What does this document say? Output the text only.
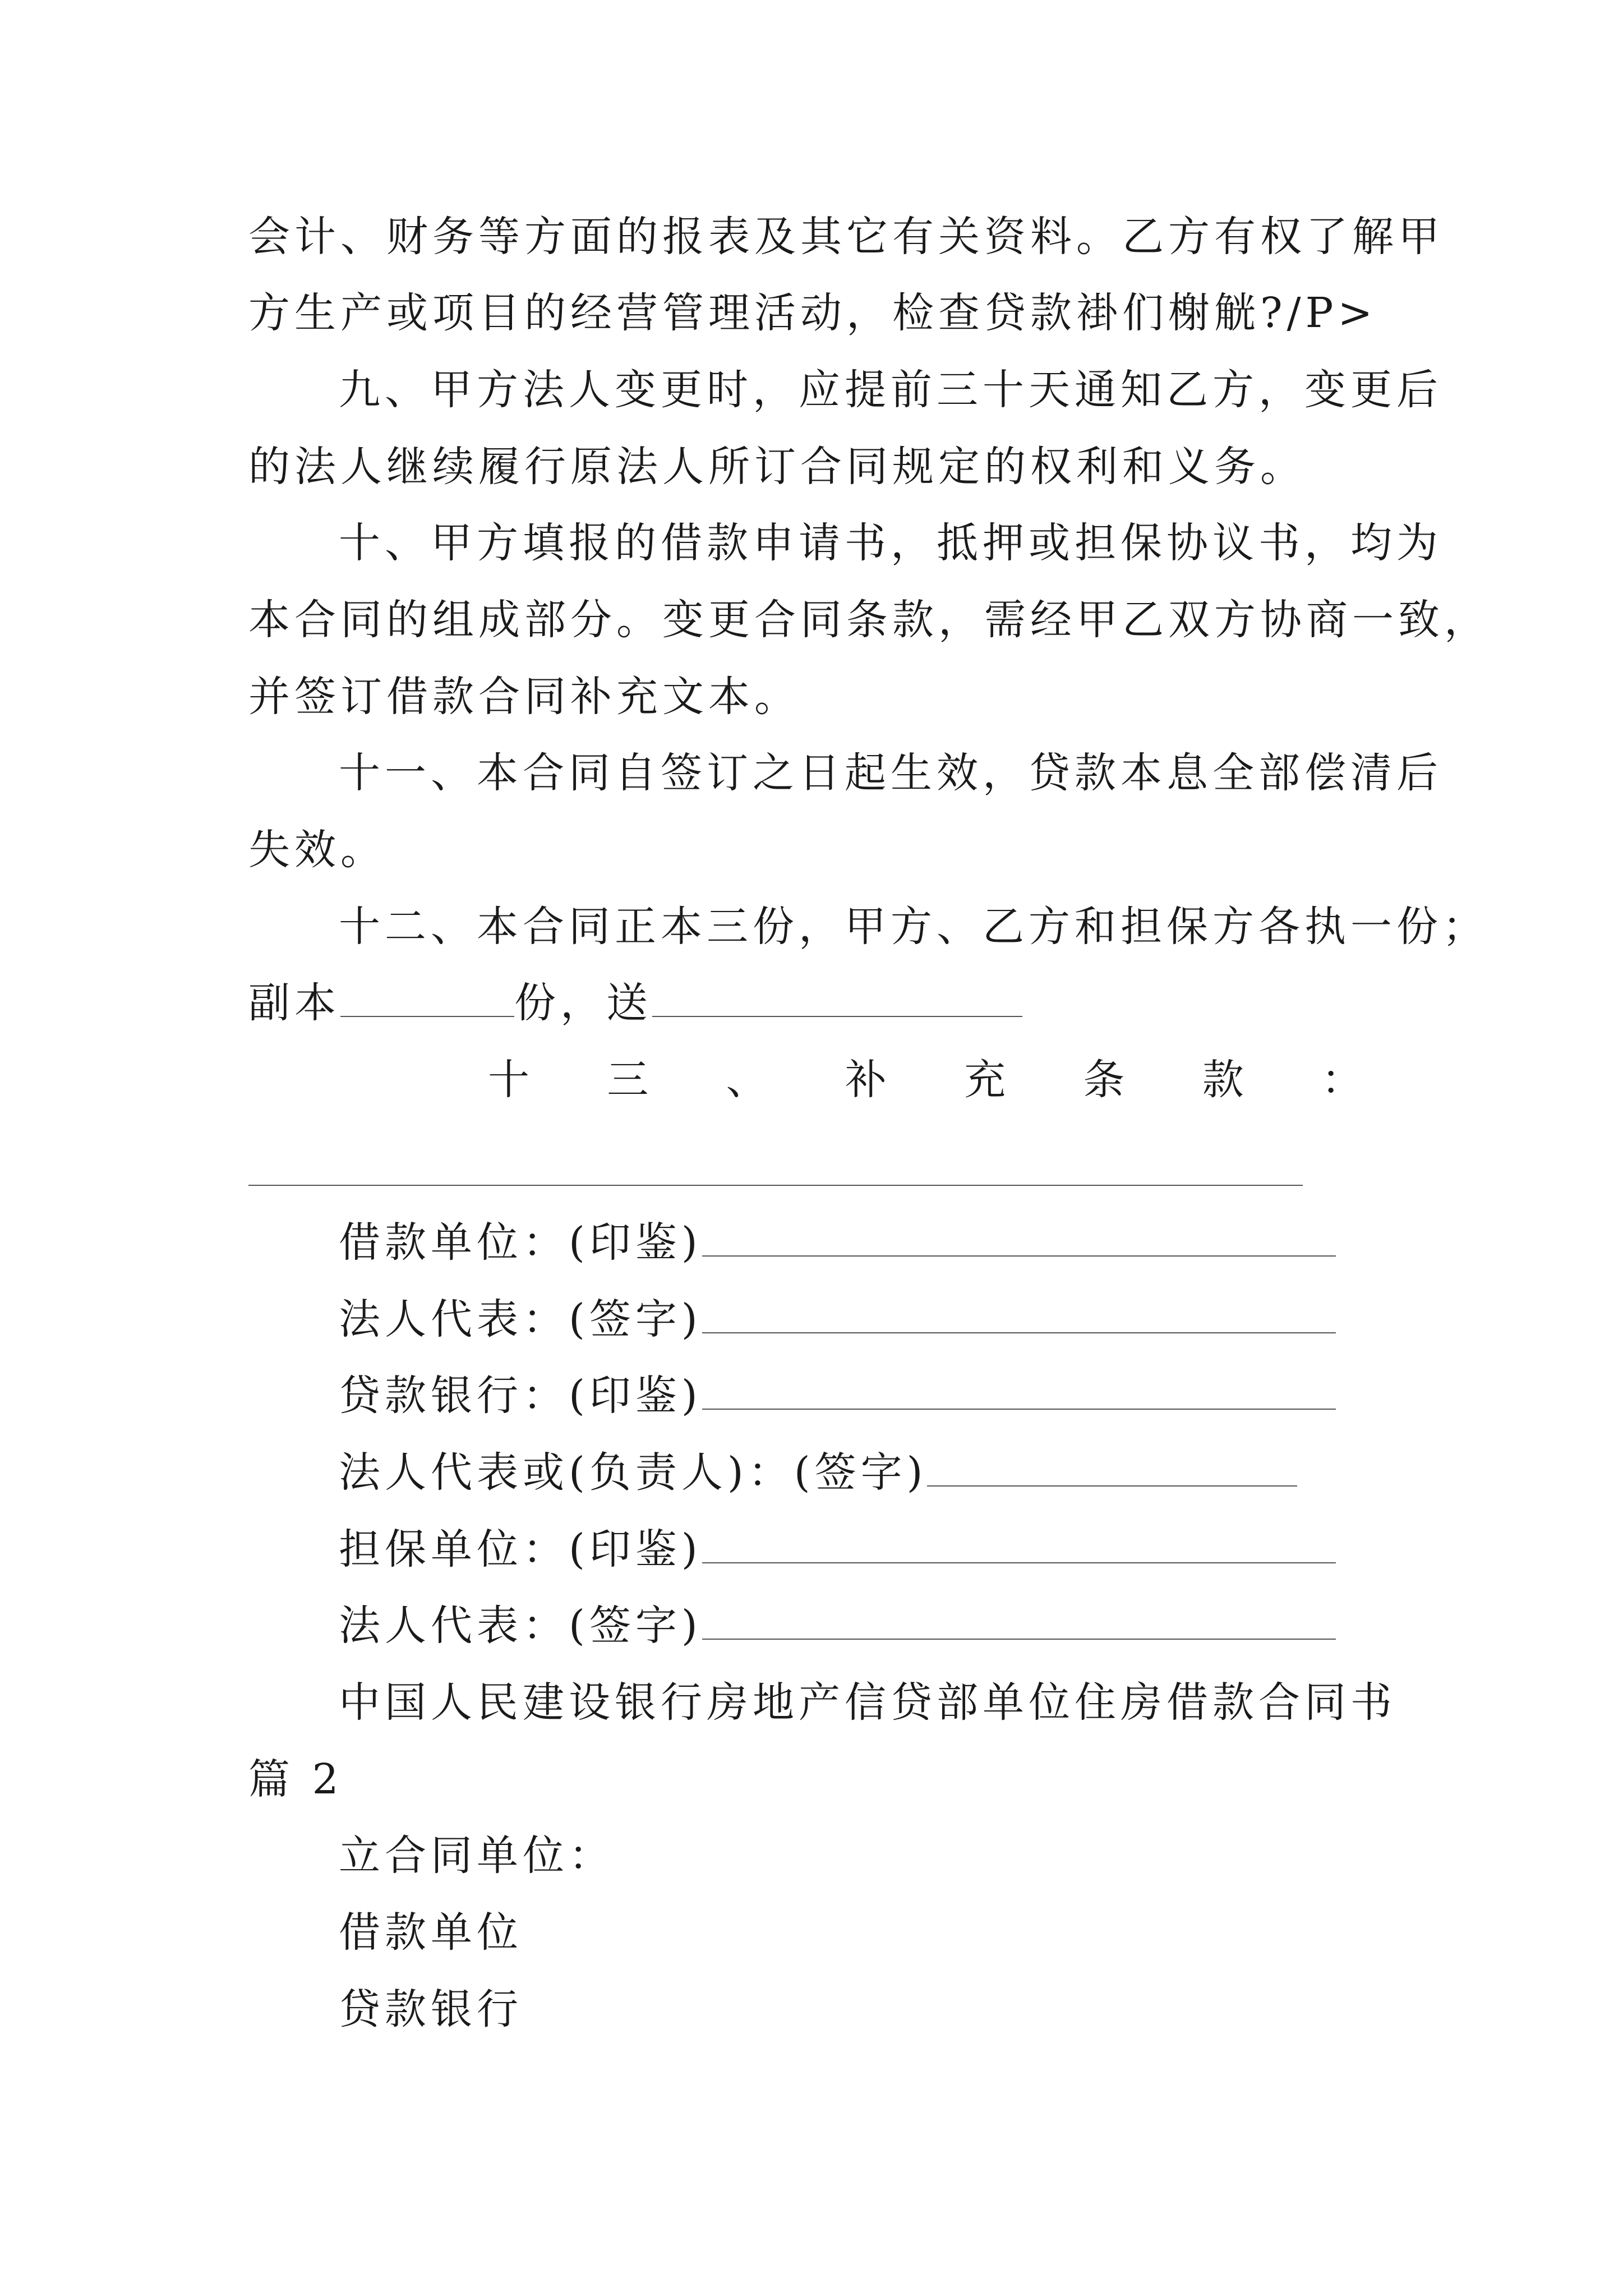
会计、财务等方面的报表及其它有关资料。乙方有权了解甲
方生产或项目的经营管理活动，检查贷款褂们榭觥?/P>
九、甲方法人变更时，应提前三十天通知乙方，变更后
的法人继续履行原法人所订合同规定的权利和义务。
十、甲方填报的借款申请书，抵押或担保协议书，均为
本合同的组成部分。变更合同条款，需经甲乙双方协商一致，
并签订借款合同补充文本。
十一、本合同自签订之日起生效，贷款本息全部偿清后
失效。
十二、本合同正本三份，甲方、乙方和担保方各执一份；
副本	份，送
十 三 、 补 充 条 款 ：
借款单位：(印鉴)
法人代表：(签字)
贷款银行：(印鉴)
法人代表或(负责人)：(签字)
担保单位：(印鉴)
法人代表：(签字)
中国人民建设银行房地产信贷部单位住房借款合同书
篇 2
立合同单位：
借款单位
贷款银行
